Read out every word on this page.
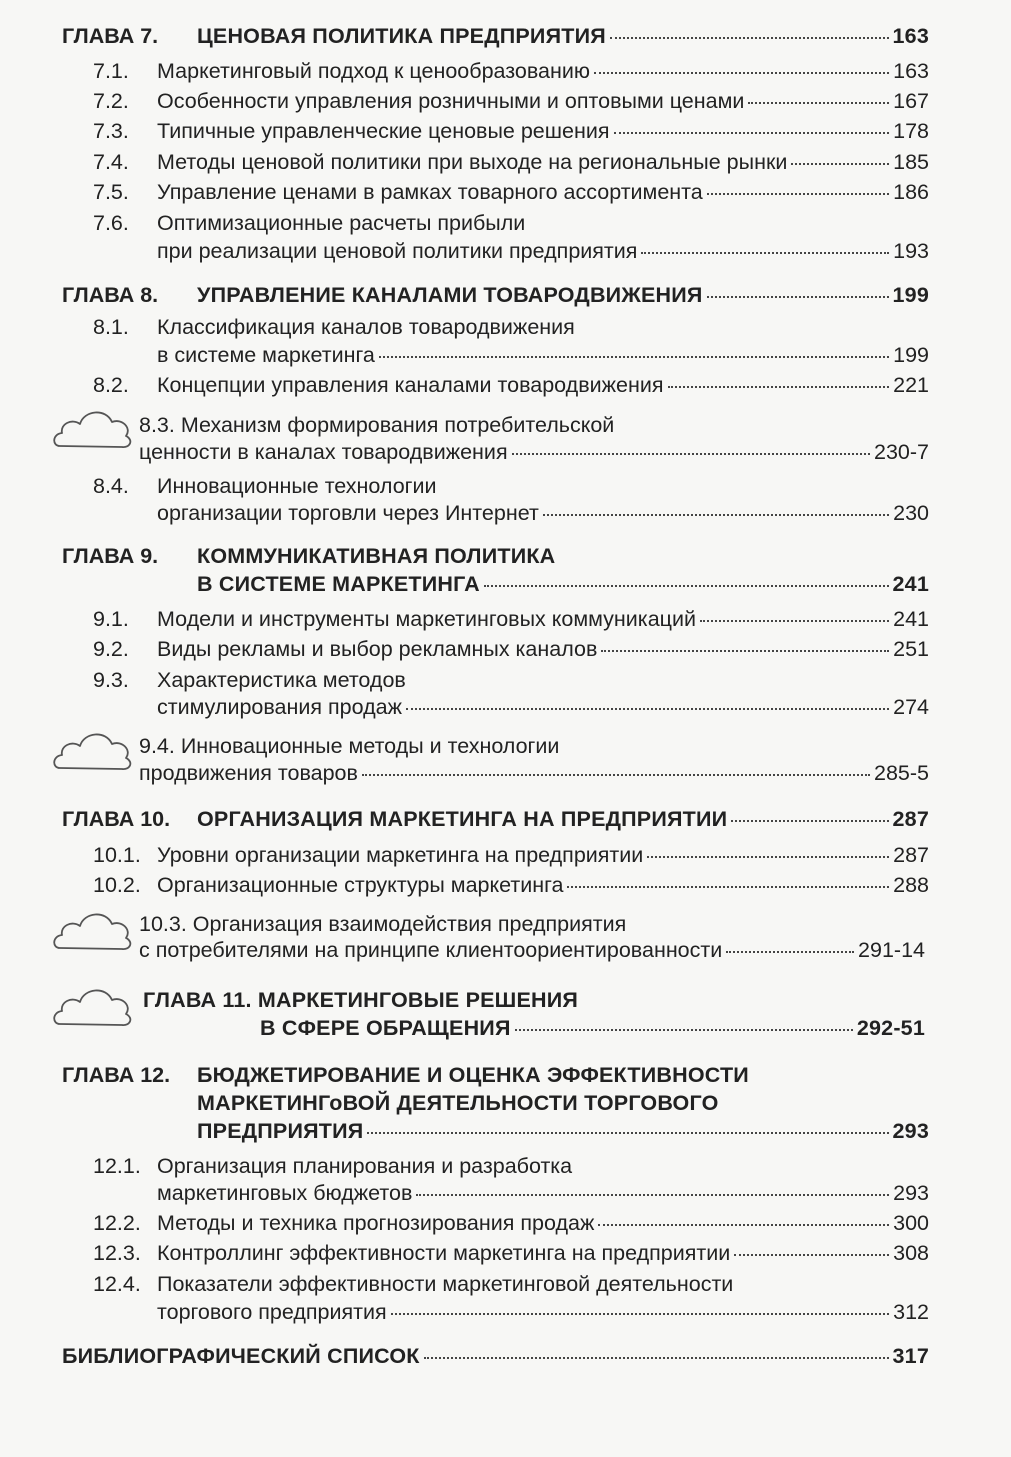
ГЛАВА 7. ЦЕНОВАЯ ПОЛИТИКА ПРЕДПРИЯТИЯ	163
7.1. Маркетинговый подход к ценообразованию	163
7.2. Особенности управления розничными и оптовыми ценами	167
7.3. Типичные управленческие ценовые решения	178
7.4. Методы ценовой политики при выходе на региональные рынки	185
7.5. Управление ценами в рамках товарного ассортимента	186
7.6. Оптимизационные расчеты прибыли
при реализации ценовой политики предприятия	193
ГЛАВА 8. УПРАВЛЕНИЕ КАНАЛАМИ ТОВАРОДВИЖЕНИЯ	199
8.1. Классификация каналов товародвижения
в системе маркетинга	199
8.2. Концепции управления каналами товародвижения	221
8.3. Механизм формирования потребительской
ценности в каналах товародвижения	230-7
8.4. Инновационные технологии
организации торговли через Интернет	230
ГЛАВА 9. КОММУНИКАТИВНАЯ ПОЛИТИКА
В СИСТЕМЕ МАРКЕТИНГА	241
9.1. Модели и инструменты маркетинговых коммуникаций	241
9.2. Виды рекламы и выбор рекламных каналов	251
9.3. Характеристика методов
стимулирования продаж	274
9.4. Инновационные методы и технологии
продвижения товаров	285-5
ГЛАВА 10. ОРГАНИЗАЦИЯ МАРКЕТИНГА НА ПРЕДПРИЯТИИ	287
10.1. Уровни организации маркетинга на предприятии	287
10.2. Организационные структуры маркетинга	288
10.3. Организация взаимодействия предприятия
с потребителями на принципе клиентоориентированности	291-14
ГЛАВА 11. МАРКЕТИНГОВЫЕ РЕШЕНИЯ
В СФЕРЕ ОБРАЩЕНИЯ	292-51
ГЛАВА 12. БЮДЖЕТИРОВАНИЕ И ОЦЕНКА ЭФФЕКТИВНОСТИ
МАРКЕТИНГоВОЙ ДЕЯТЕЛЬНОСТИ ТОРГОВОГО
ПРЕДПРИЯТИЯ	293
12.1. Организация планирования и разработка
маркетинговых бюджетов	293
12.2. Методы и техника прогнозирования продаж	300
12.3. Контроллинг эффективности маркетинга на предприятии	308
12.4. Показатели эффективности маркетинговой деятельности
торгового предприятия	312
БИБЛИОГРАФИЧЕСКИЙ СПИСОК	317
